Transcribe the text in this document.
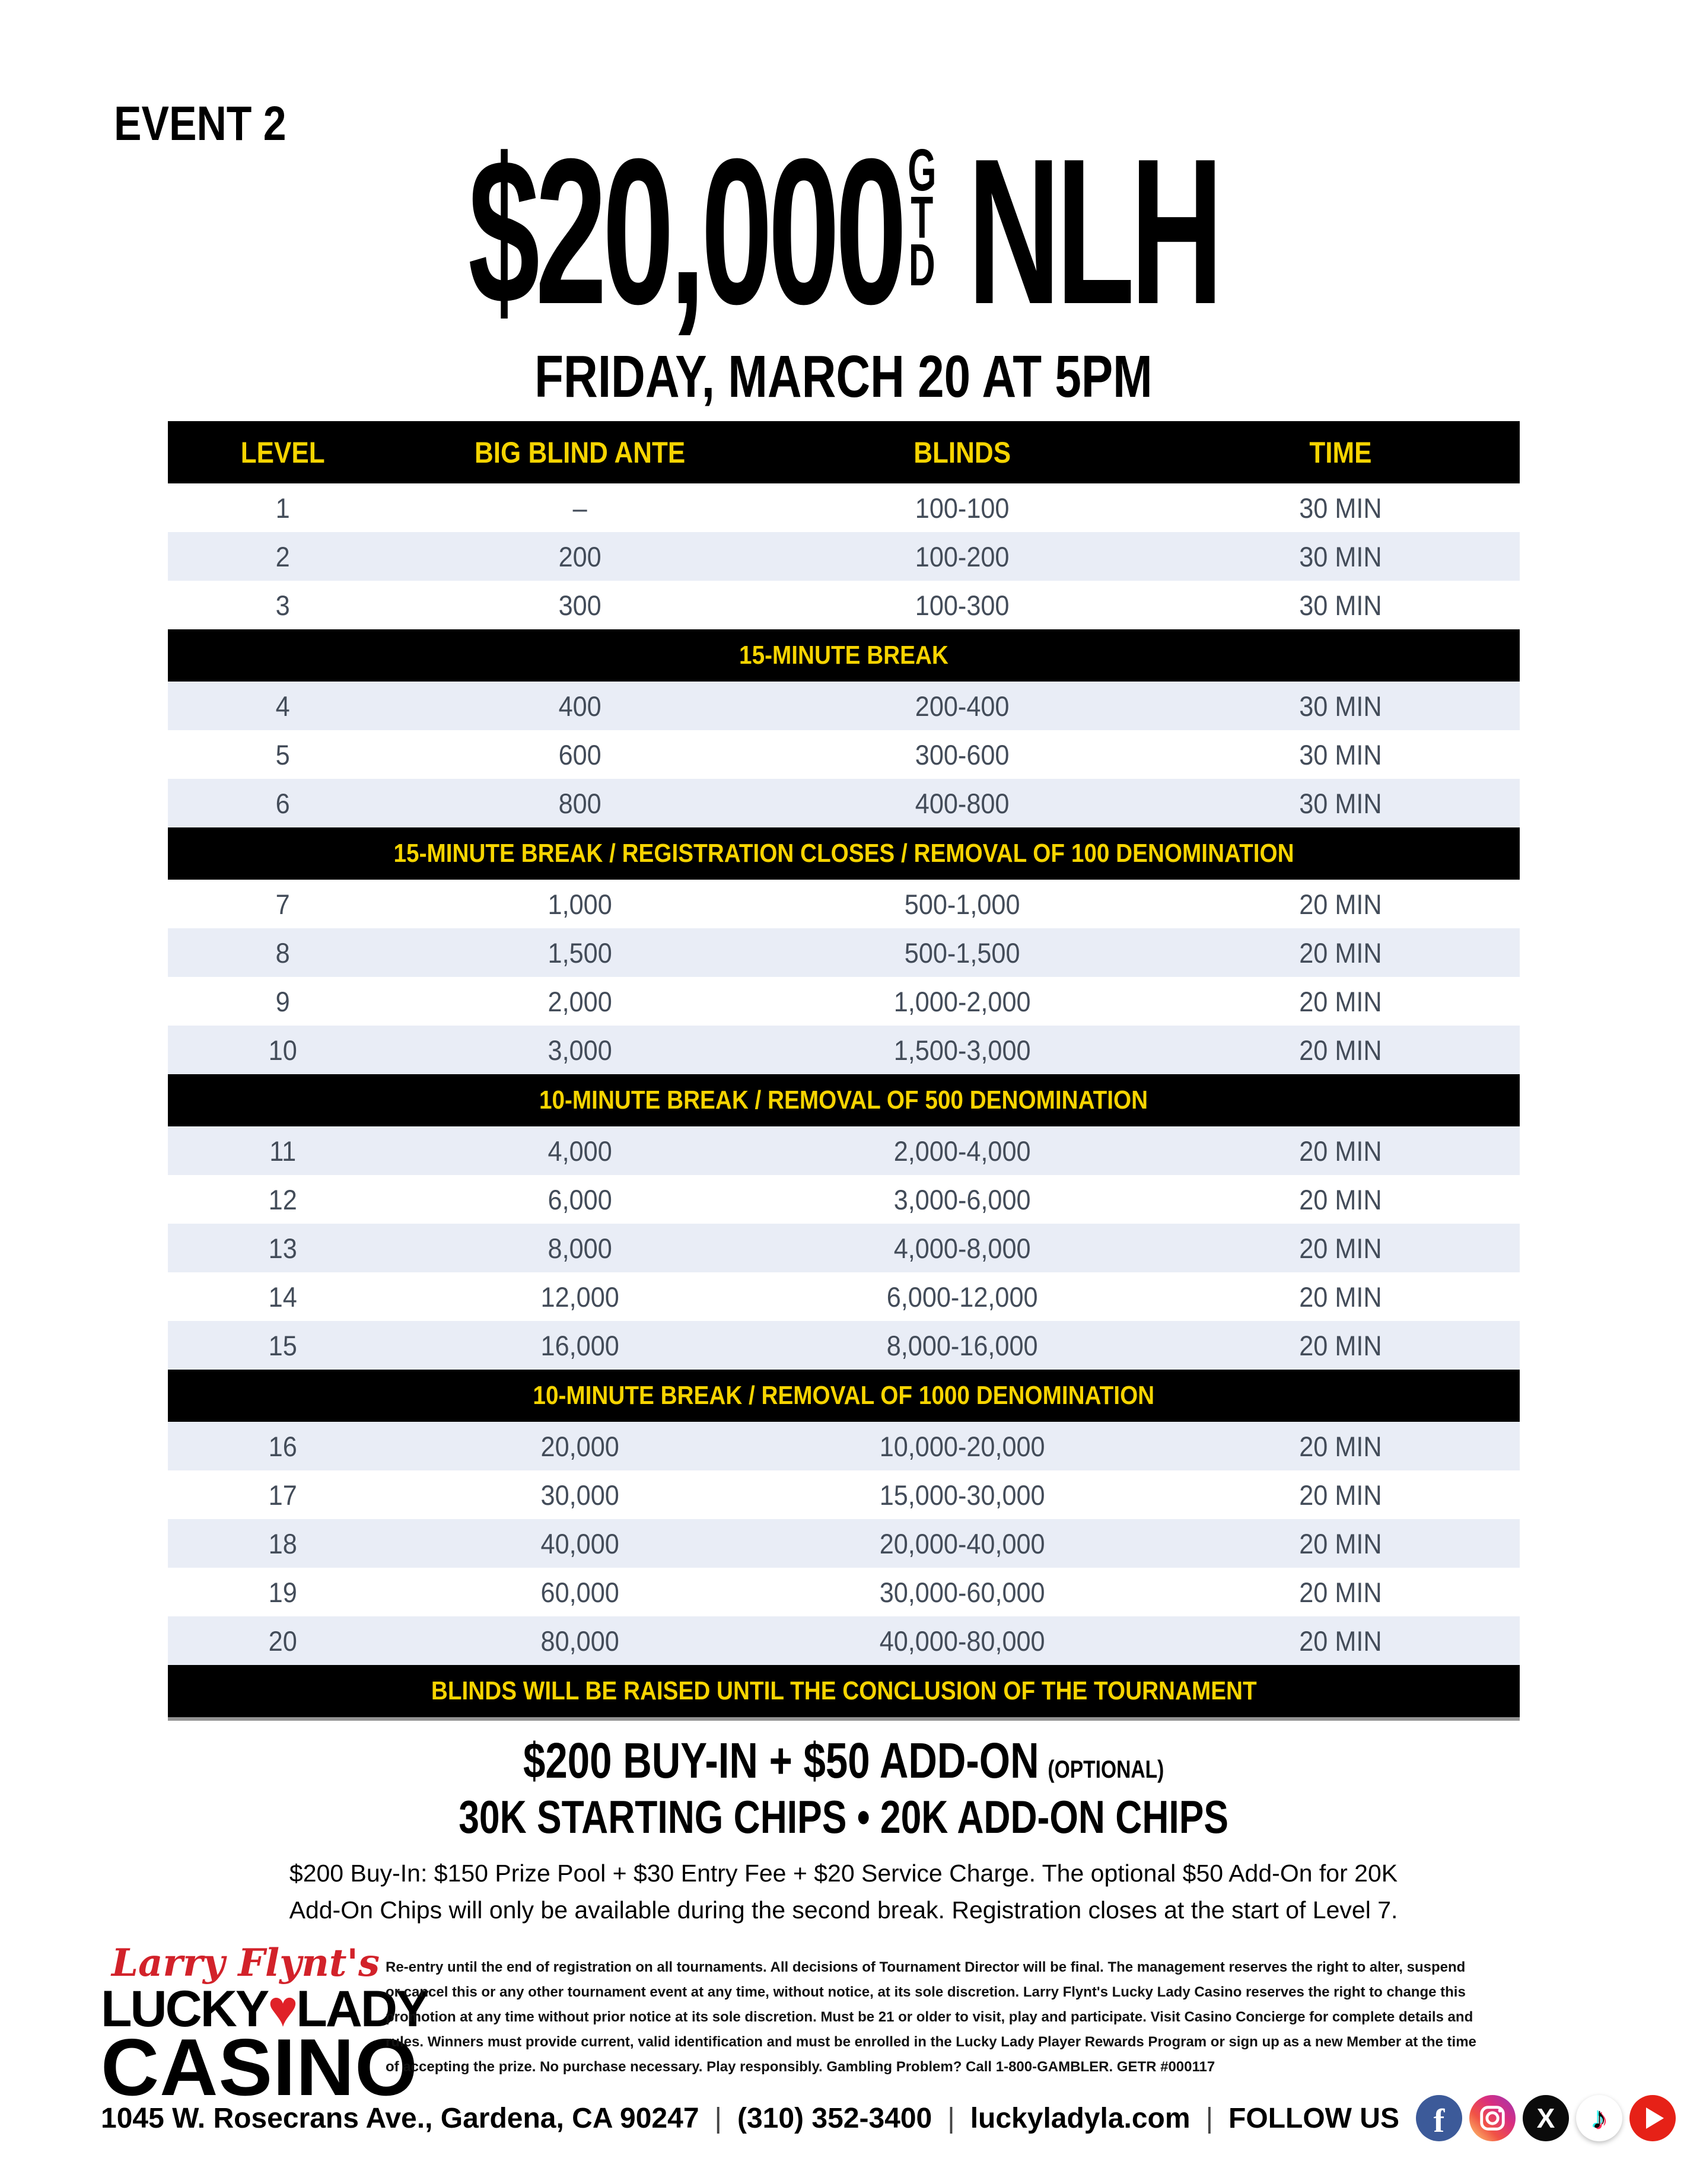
EVENT 2 $20,000 G
T
D NLH
FRIDAY, MARCH 20 AT 5PM
LEVEL	BIG BLIND ANTE	BLINDS	TIME
1	–	100-100	30 MIN
2	200	100-200	30 MIN
3	300	100-300	30 MIN
15-MINUTE BREAK
4	400	200-400	30 MIN
5	600	300-600	30 MIN
6	800	400-800	30 MIN
15-MINUTE BREAK / REGISTRATION CLOSES / REMOVAL OF 100 DENOMINATION
7	1,000	500-1,000	20 MIN
8	1,500	500-1,500	20 MIN
9	2,000	1,000-2,000	20 MIN
10	3,000	1,500-3,000	20 MIN
10-MINUTE BREAK / REMOVAL OF 500 DENOMINATION
11	4,000	2,000-4,000	20 MIN
12	6,000	3,000-6,000	20 MIN
13	8,000	4,000-8,000	20 MIN
14	12,000	6,000-12,000	20 MIN
15	16,000	8,000-16,000	20 MIN
10-MINUTE BREAK / REMOVAL OF 1000 DENOMINATION
16	20,000	10,000-20,000	20 MIN
17	30,000	15,000-30,000	20 MIN
18	40,000	20,000-40,000	20 MIN
19	60,000	30,000-60,000	20 MIN
20	80,000	40,000-80,000	20 MIN
BLINDS WILL BE RAISED UNTIL THE CONCLUSION OF THE TOURNAMENT
$200 BUY-IN + $50 ADD-ON (OPTIONAL)
30K STARTING CHIPS • 20K ADD-ON CHIPS
$200 Buy-In: $150 Prize Pool + $30 Entry Fee + $20 Service Charge. The optional $50 Add-On for 20K
Add-On Chips will only be available during the second break. Registration closes at the start of Level 7.
Larry Flynt's
LUCKY♥LADY
CASINO
Re-entry until the end of registration on all tournaments. All decisions of Tournament Director will be final. The management reserves the right to alter, suspend
or cancel this or any other tournament event at any time, without notice, at its sole discretion. Larry Flynt's Lucky Lady Casino reserves the right to change this
promotion at any time without prior notice at its sole discretion. Must be 21 or older to visit, play and participate. Visit Casino Concierge for complete details and
rules. Winners must provide current, valid identification and must be enrolled in the Lucky Lady Player Rewards Program or sign up as a new Member at the time
of accepting the prize. No purchase necessary. Play responsibly. Gambling Problem? Call 1-800-GAMBLER. GETR #000117
1045 W. Rosecrans Ave., Gardena, CA 90247 | (310) 352-3400 | luckyladyla.com | FOLLOW US f	X ♪
